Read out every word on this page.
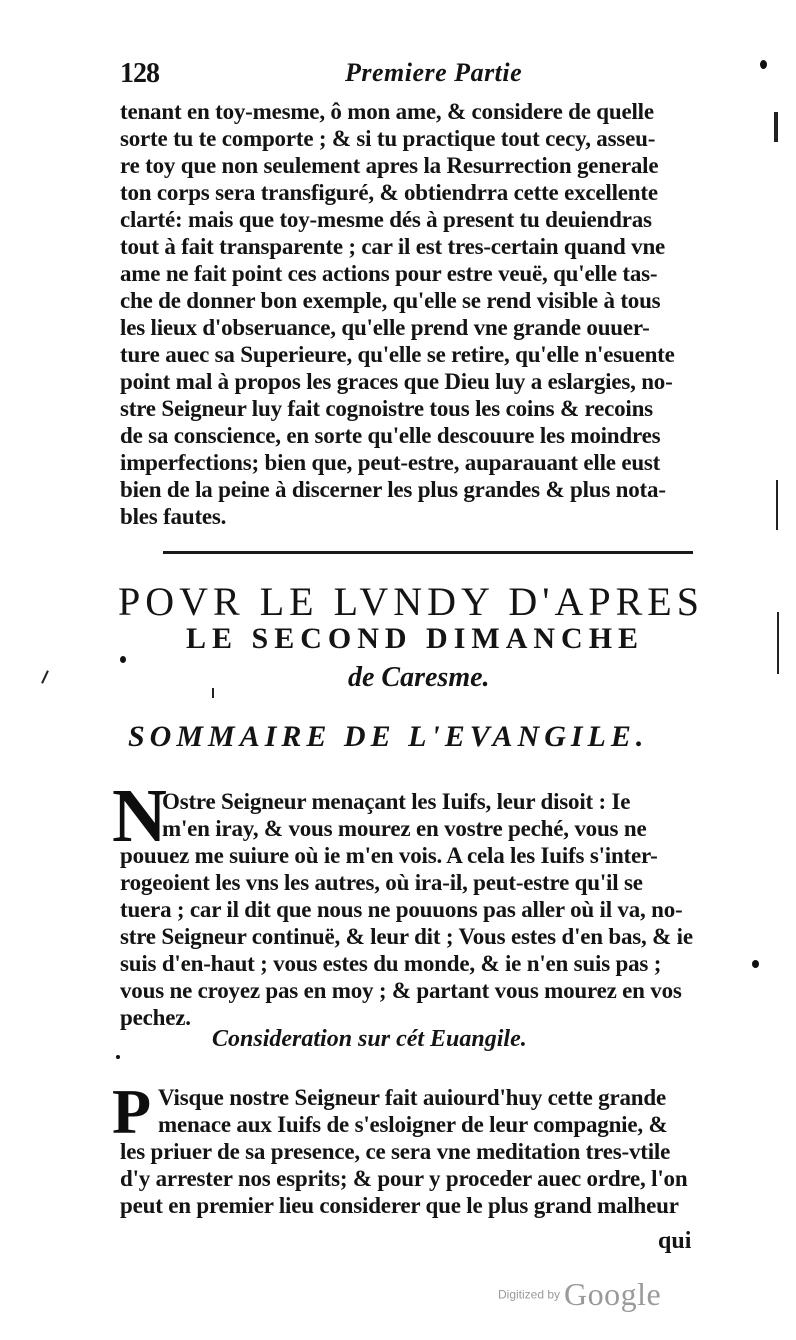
128	Premiere Partie
tenant en toy-mesme, ô mon ame, & considere de quelle
sorte tu te comporte ; & si tu practique tout cecy, asseu-
re toy que non seulement apres la Resurrection generale
ton corps sera transfiguré, & obtiendrra cette excellente
clarté: mais que toy-mesme dés à present tu deuiendras
tout à fait transparente ; car il est tres-certain quand vne
ame ne fait point ces actions pour estre veuë, qu'elle tas-
che de donner bon exemple, qu'elle se rend visible à tous
les lieux d'obseruance, qu'elle prend vne grande ouuer-
ture auec sa Superieure, qu'elle se retire, qu'elle n'esuente
point mal à propos les graces que Dieu luy a eslargies, no-
stre Seigneur luy fait cognoistre tous les coins & recoins
de sa conscience, en sorte qu'elle descouure les moindres
imperfections; bien que, peut-estre, auparauant elle eust
bien de la peine à discerner les plus grandes & plus nota-
bles fautes.
POVR LE LVNDY D'APRES
LE SECOND DIMANCHE
de Caresme.
SOMMAIRE DE L'EVANGILE.
N
Ostre Seigneur menaçant les Iuifs, leur disoit : Ie
m'en iray, & vous mourez en vostre peché, vous ne
pouuez me suiure où ie m'en vois. A cela les Iuifs s'inter-
rogeoient les vns les autres, où ira-il, peut-estre qu'il se
tuera ; car il dit que nous ne pouuons pas aller où il va, no-
stre Seigneur continuë, & leur dit ; Vous estes d'en bas, & ie
suis d'en-haut ; vous estes du monde, & ie n'en suis pas ;
vous ne croyez pas en moy ; & partant vous mourez en vos
pechez.
Consideration sur cét Euangile.
P Visque nostre Seigneur fait auiourd'huy cette grande
menace aux Iuifs de s'esloigner de leur compagnie, &
les priuer de sa presence, ce sera vne meditation tres-vtile
d'y arrester nos esprits; & pour y proceder auec ordre, l'on
peut en premier lieu considerer que le plus grand malheur
qui
Digitized by Google
